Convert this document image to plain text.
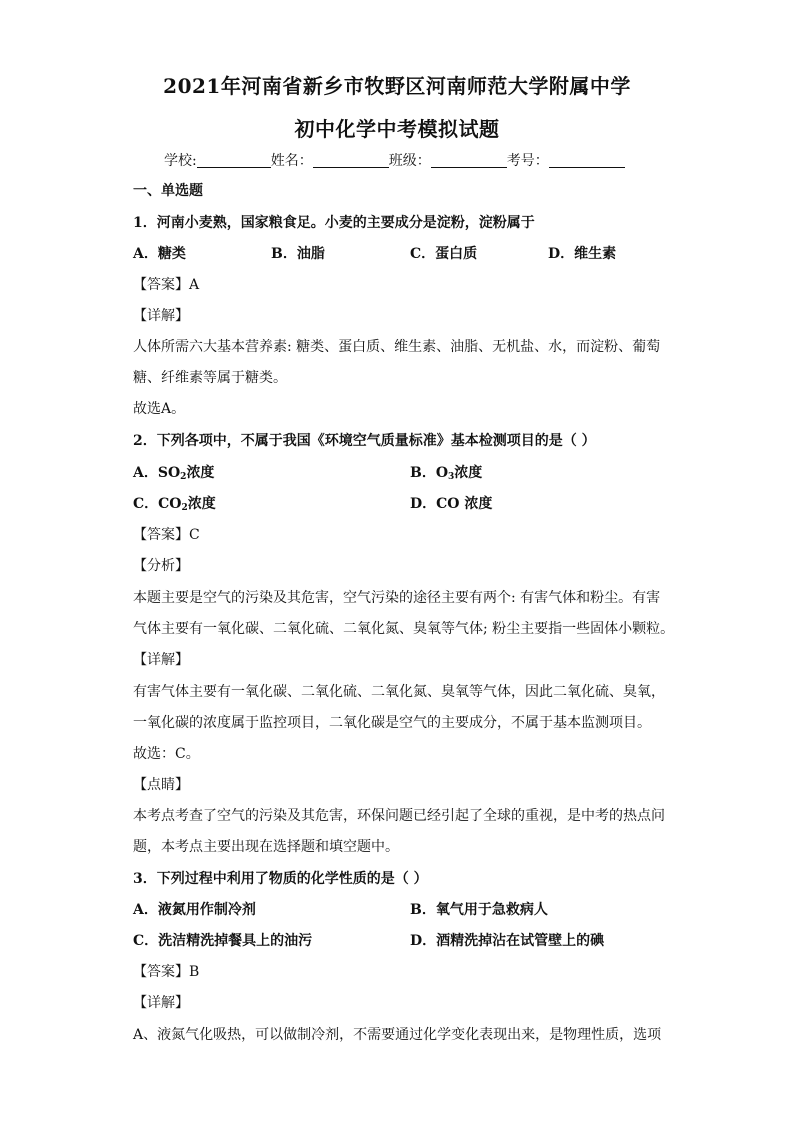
2021年河南省新乡市牧野区河南师范大学附属中学
初中化学中考模拟试题
学校:	姓名：	班级：	考号：
一、单选题
1．河南小麦熟，国家粮食足。小麦的主要成分是淀粉，淀粉属于
A．糖类	B．油脂	C．蛋白质	D．维生素
【答案】A
【详解】
人体所需六大基本营养素: 糖类、蛋白质、维生素、油脂、无机盐、水，而淀粉、葡萄
糖、纤维素等属于糖类。
故选A。
2．下列各项中，不属于我国《环境空气质量标准》基本检测项目的是（ ）
A．$SO_2$浓度	B．$O_3$浓度
C．$CO_2$浓度	D．CO 浓度
【答案】C
【分析】
本题主要是空气的污染及其危害，空气污染的途径主要有两个: 有害气体和粉尘。有害
气体主要有一氧化碳、二氧化硫、二氧化氮、臭氧等气体; 粉尘主要指一些固体小颗粒。
【详解】
有害气体主要有一氧化碳、二氧化硫、二氧化氮、臭氧等气体，因此二氧化硫、臭氧，
一氧化碳的浓度属于监控项目，二氧化碳是空气的主要成分，不属于基本监测项目。
故选：C。
【点睛】
本考点考查了空气的污染及其危害，环保问题已经引起了全球的重视，是中考的热点问
题，本考点主要出现在选择题和填空题中。
3．下列过程中利用了物质的化学性质的是（ ）
A．液氮用作制冷剂	B．氧气用于急救病人
C．洗洁精洗掉餐具上的油污	D．酒精洗掉沾在试管壁上的碘
【答案】B
【详解】
A、液氮气化吸热，可以做制冷剂，不需要通过化学变化表现出来，是物理性质，选项
